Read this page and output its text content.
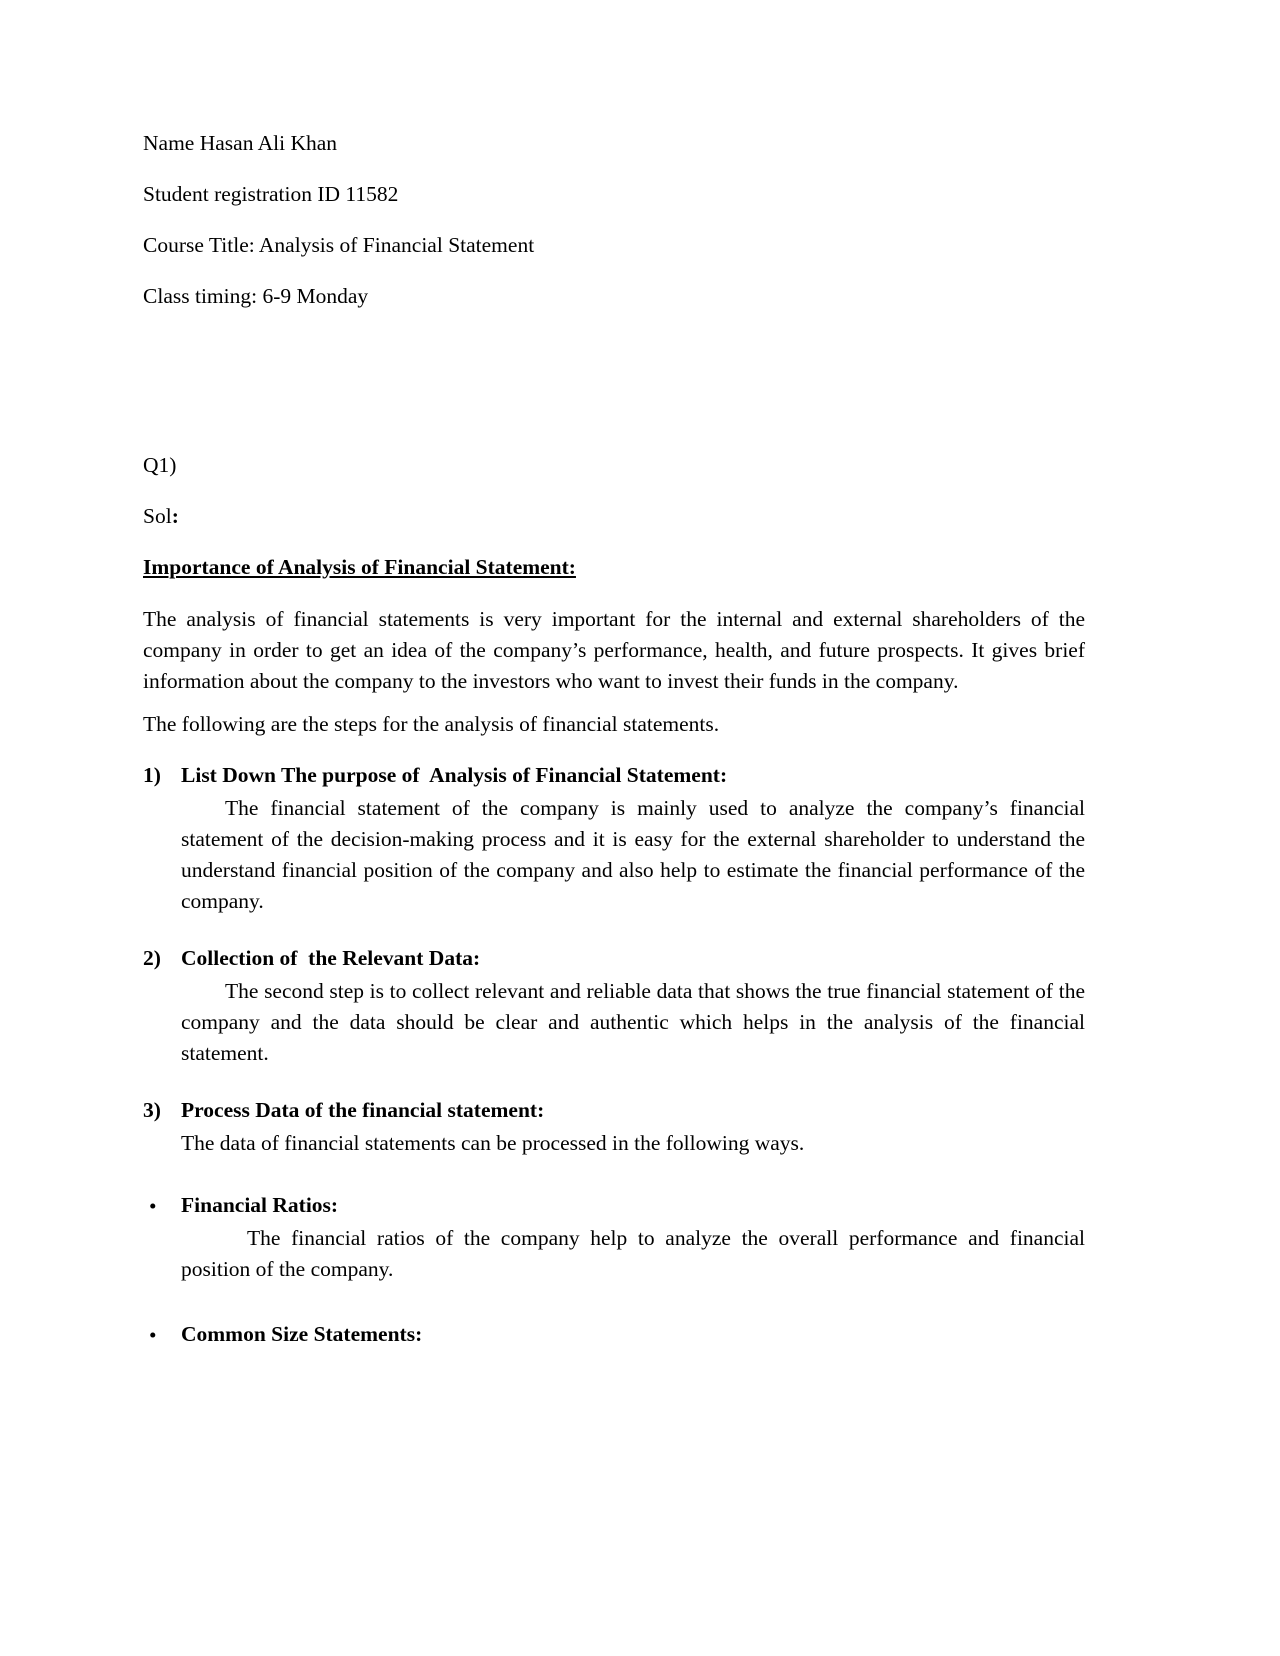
Name Hasan Ali Khan

Student registration ID 11582

Course Title: Analysis of Financial Statement

Class timing: 6-9 Monday

Q1)

Sol:

Importance of Analysis of Financial Statement:

The analysis of financial statements is very important for the internal and external shareholders of the company in order to get an idea of the company’s performance, health, and future prospects. It gives brief information about the company to the investors who want to invest their funds in the company.

The following are the steps for the analysis of financial statements.

1) List Down The purpose of  Analysis of Financial Statement:

The financial statement of the company is mainly used to analyze the company’s financial statement of the decision-making process and it is easy for the external shareholder to understand the understand financial position of the company and also help to estimate the financial performance of the company.

2) Collection of  the Relevant Data:

The second step is to collect relevant and reliable data that shows the true financial statement of the company and the data should be clear and authentic which helps in the analysis of the financial statement.

3) Process Data of the financial statement:

The data of financial statements can be processed in the following ways.

• Financial Ratios:

The financial ratios of the company help to analyze the overall performance and financial position of the company.

• Common Size Statements:
